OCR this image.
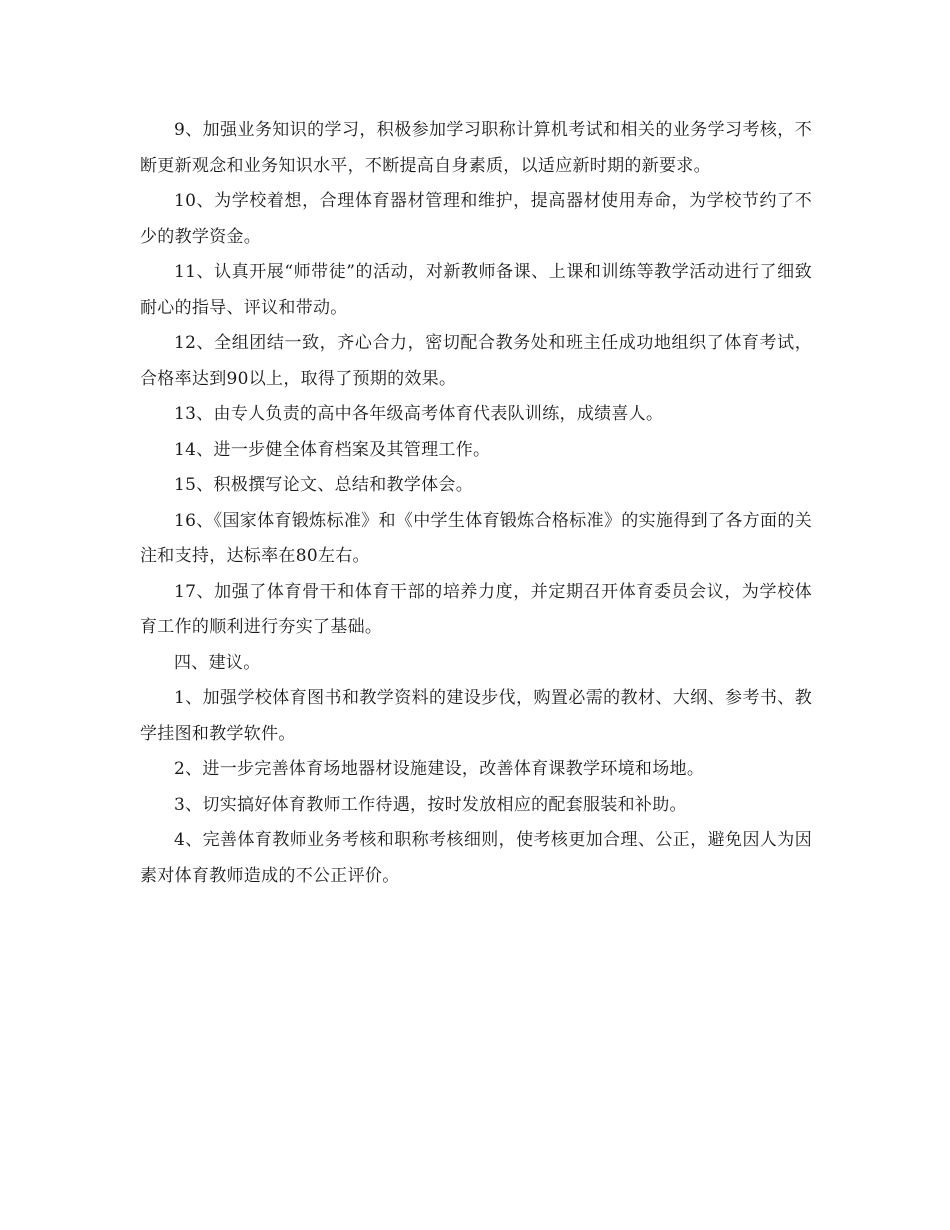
9、加强业务知识的学习，积极参加学习职称计算机考试和相关的业务学习考核，不断更新观念和业务知识水平，不断提高自身素质，以适应新时期的新要求。

10、为学校着想，合理体育器材管理和维护，提高器材使用寿命，为学校节约了不少的教学资金。

11、认真开展“师带徒”的活动，对新教师备课、上课和训练等教学活动进行了细致耐心的指导、评议和带动。

12、全组团结一致，齐心合力，密切配合教务处和班主任成功地组织了体育考试，合格率达到90以上，取得了预期的效果。

13、由专人负责的高中各年级高考体育代表队训练，成绩喜人。

14、进一步健全体育档案及其管理工作。

15、积极撰写论文、总结和教学体会。

16、《国家体育锻炼标准》和《中学生体育锻炼合格标准》的实施得到了各方面的关注和支持，达标率在80左右。

17、加强了体育骨干和体育干部的培养力度，并定期召开体育委员会议，为学校体育工作的顺利进行夯实了基础。

四、建议。

1、加强学校体育图书和教学资料的建设步伐，购置必需的教材、大纲、参考书、教学挂图和教学软件。

2、进一步完善体育场地器材设施建设，改善体育课教学环境和场地。

3、切实搞好体育教师工作待遇，按时发放相应的配套服装和补助。

4、完善体育教师业务考核和职称考核细则，使考核更加合理、公正，避免因人为因素对体育教师造成的不公正评价。
